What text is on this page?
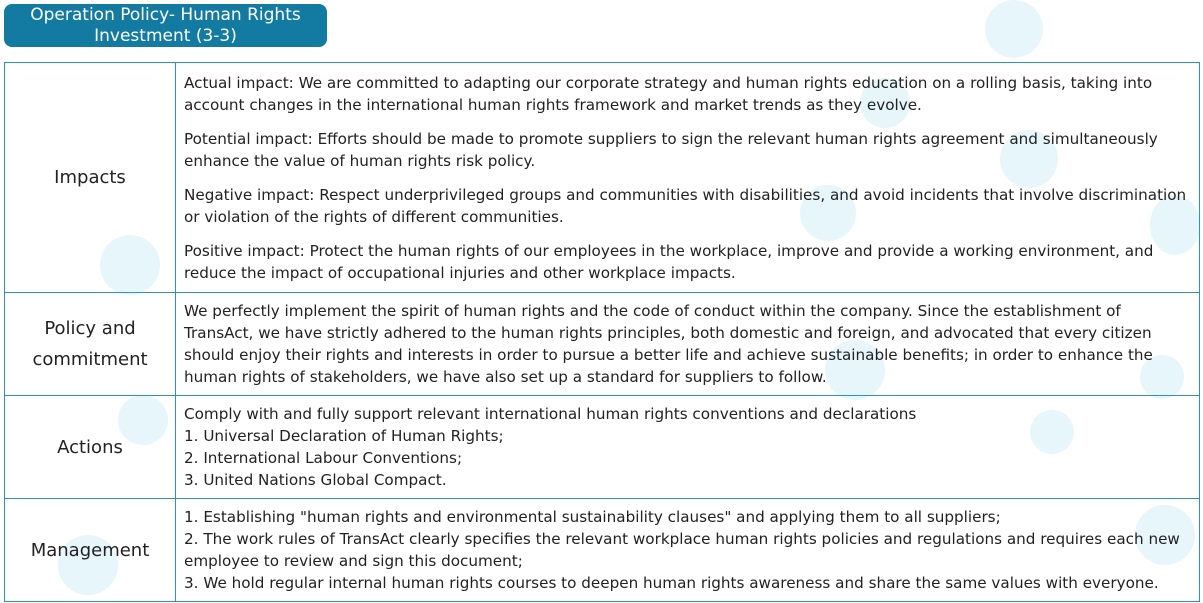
Operation Policy- Human Rights
Investment (3-3)
Impacts	Actual impact: We are committed to adapting our corporate strategy and human rights education on a rolling basis, taking into account changes in the international human rights framework and market trends as they evolve.

Potential impact: Efforts should be made to promote suppliers to sign the relevant human rights agreement and simultaneously enhance the value of human rights risk policy.

Negative impact: Respect underprivileged groups and communities with disabilities, and avoid incidents that involve discrimination or violation of the rights of different communities.

Positive impact: Protect the human rights of our employees in the workplace, improve and provide a working environment, and reduce the impact of occupational injuries and other workplace impacts.

Policy and
commitment	We perfectly implement the spirit of human rights and the code of conduct within the company. Since the establishment of TransAct, we have strictly adhered to the human rights principles, both domestic and foreign, and advocated that every citizen should enjoy their rights and interests in order to pursue a better life and achieve sustainable benefits; in order to enhance the human rights of stakeholders, we have also set up a standard for suppliers to follow.

Actions	Comply with and fully support relevant international human rights conventions and declarations
1. Universal Declaration of Human Rights;
2. International Labour Conventions;
3. United Nations Global Compact.

Management	1. Establishing "human rights and environmental sustainability clauses" and applying them to all suppliers;
2. The work rules of TransAct clearly specifies the relevant workplace human rights policies and regulations and requires each new employee to review and sign this document;
3. We hold regular internal human rights courses to deepen human rights awareness and share the same values with everyone.
